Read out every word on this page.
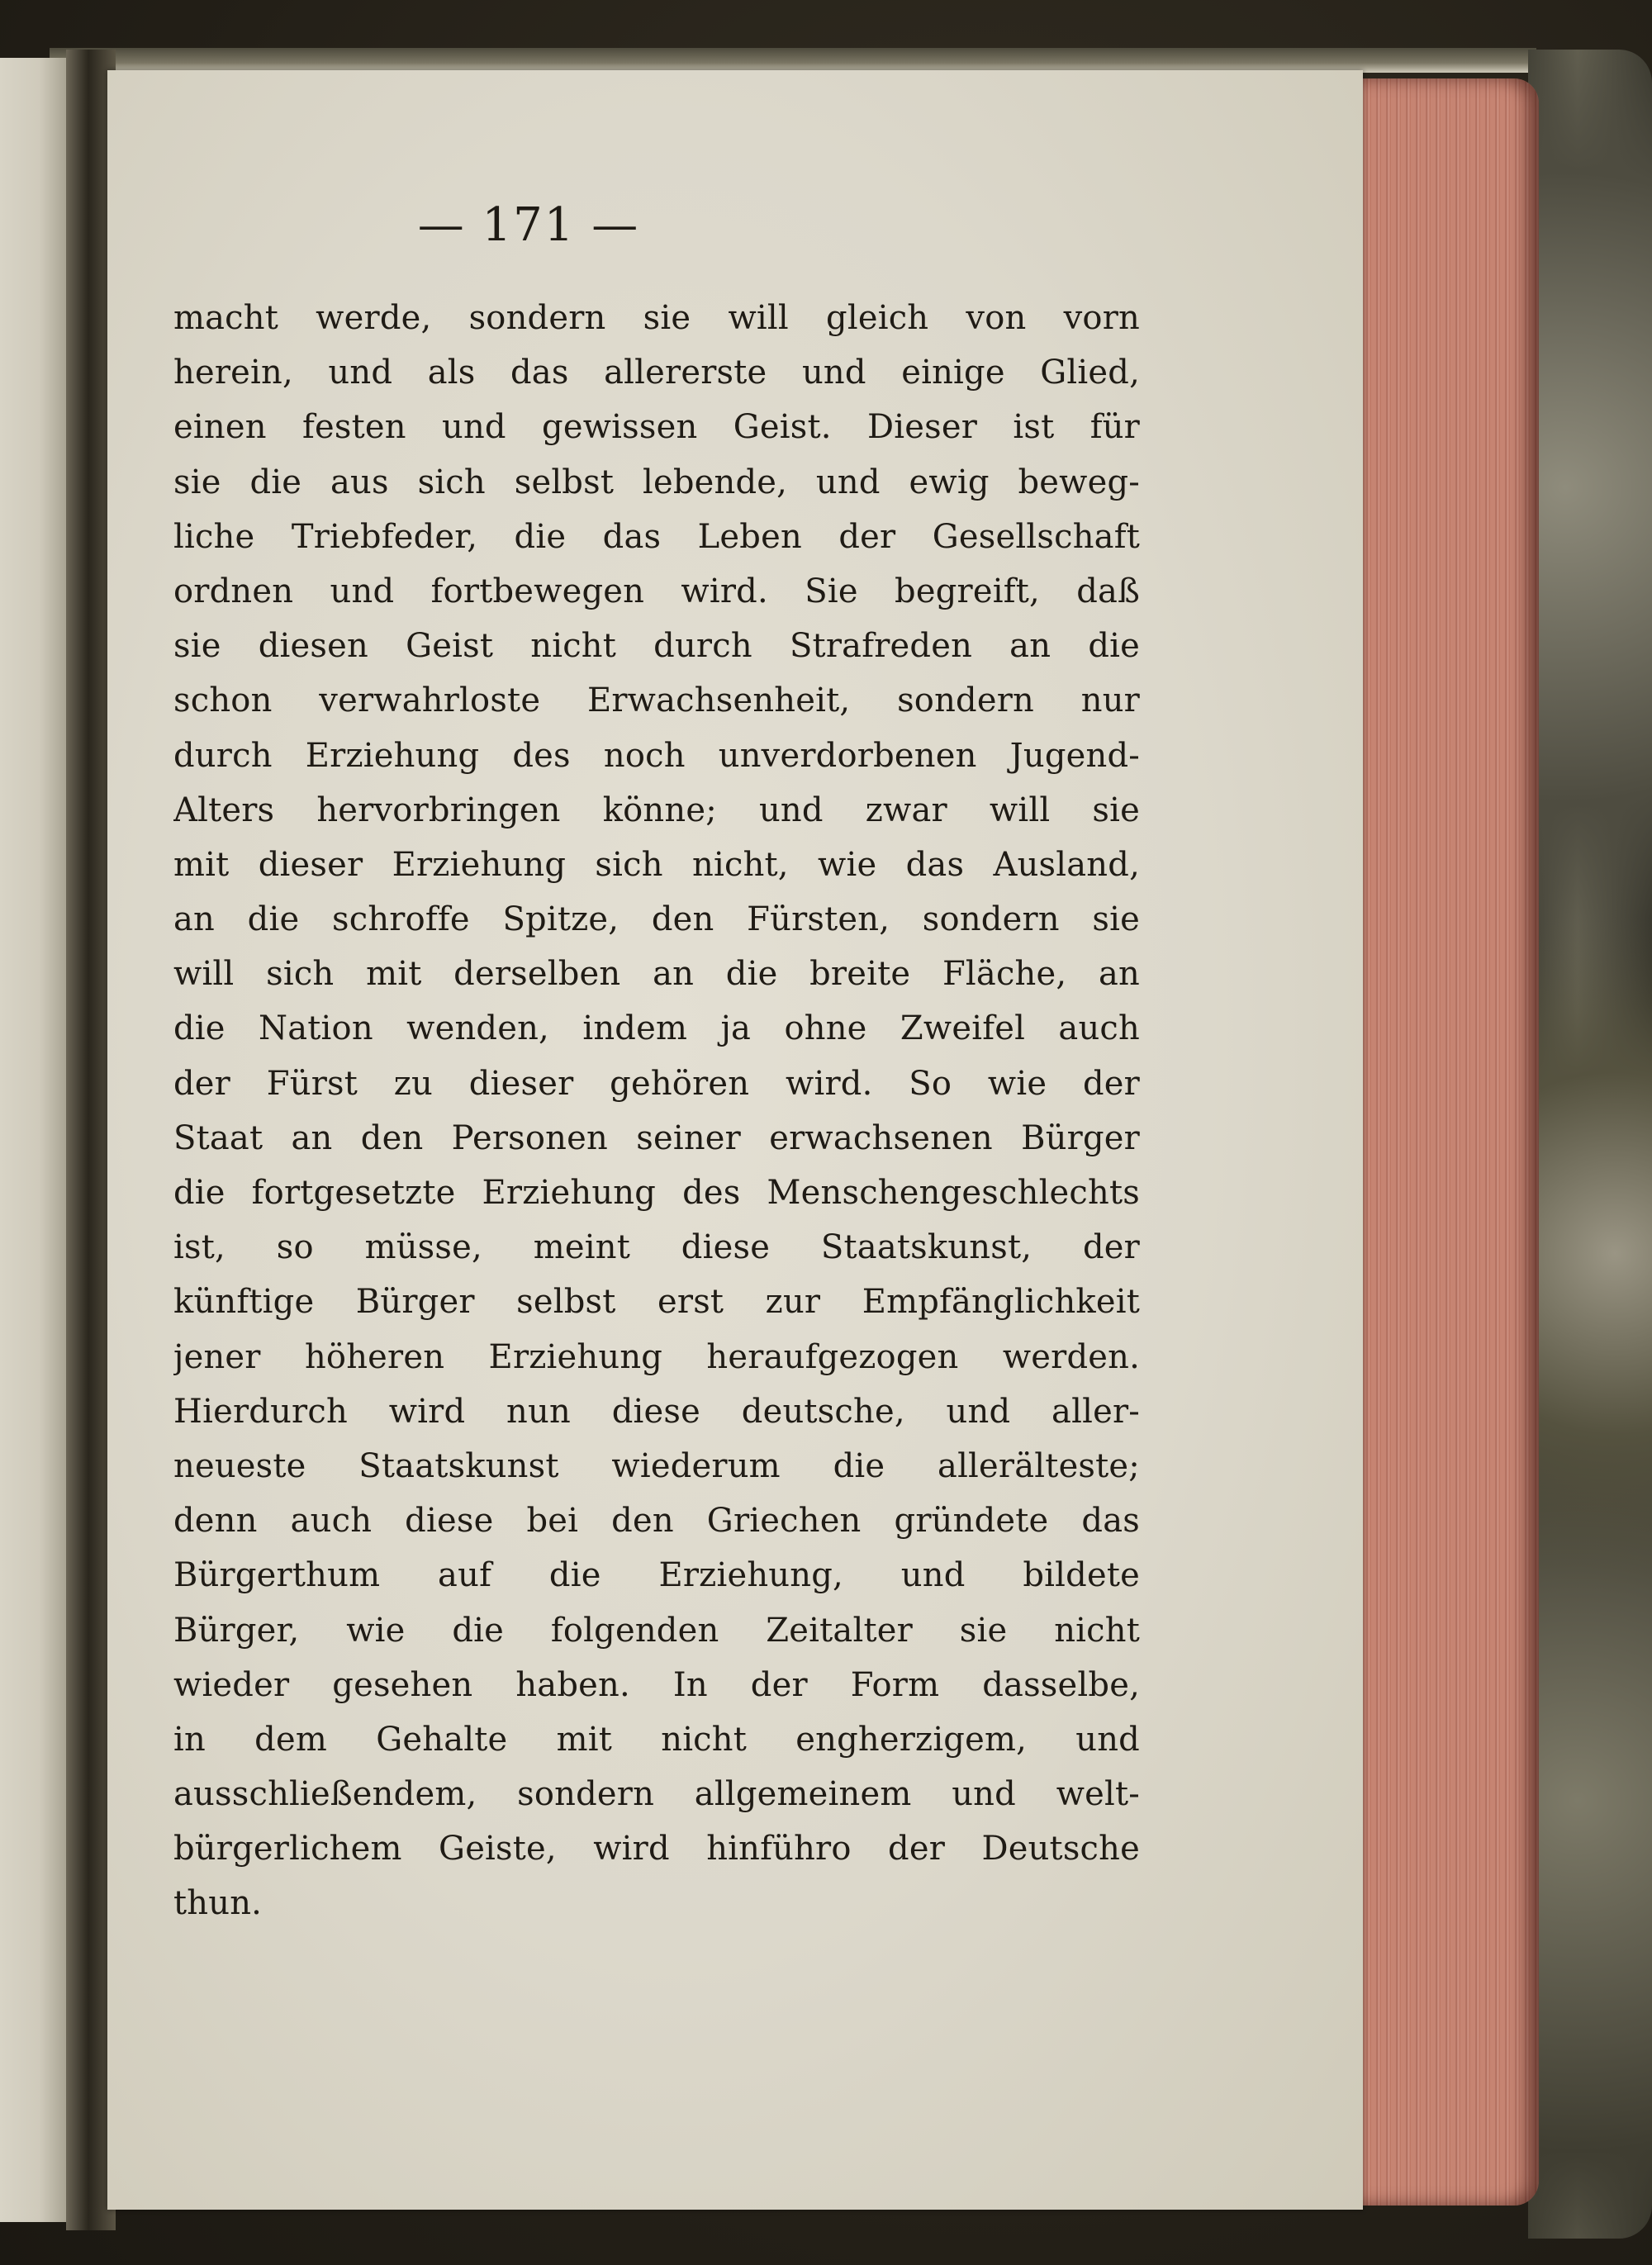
— 171 —
macht werde, sondern sie will gleich von vorn
herein, und als das allererste und einige Glied,
einen festen und gewissen Geist. Dieser ist für
sie die aus sich selbst lebende, und ewig beweg-
liche Triebfeder, die das Leben der Gesellschaft
ordnen und fortbewegen wird. Sie begreift, daß
sie diesen Geist nicht durch Strafreden an die
schon verwahrloste Erwachsenheit, sondern nur
durch Erziehung des noch unverdorbenen Jugend-
Alters hervorbringen könne; und zwar will sie
mit dieser Erziehung sich nicht, wie das Ausland,
an die schroffe Spitze, den Fürsten, sondern sie
will sich mit derselben an die breite Fläche, an
die Nation wenden, indem ja ohne Zweifel auch
der Fürst zu dieser gehören wird. So wie der
Staat an den Personen seiner erwachsenen Bürger
die fortgesetzte Erziehung des Menschengeschlechts
ist, so müsse, meint diese Staatskunst, der
künftige Bürger selbst erst zur Empfänglichkeit
jener höheren Erziehung heraufgezogen werden.
Hierdurch wird nun diese deutsche, und aller-
neueste Staatskunst wiederum die allerälteste;
denn auch diese bei den Griechen gründete das
Bürgerthum auf die Erziehung, und bildete
Bürger, wie die folgenden Zeitalter sie nicht
wieder gesehen haben. In der Form dasselbe,
in dem Gehalte mit nicht engherzigem, und
ausschließendem, sondern allgemeinem und welt-
bürgerlichem Geiste, wird hinführo der Deutsche
thun.
